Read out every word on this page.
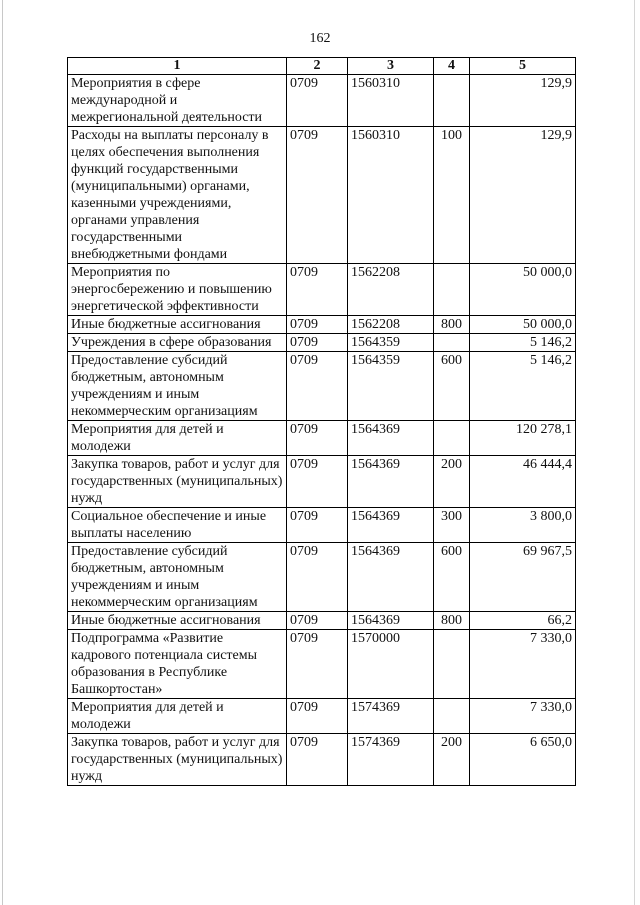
162
1	2	3	4	5
Мероприятия в сфере международной и межрегиональной деятельности	0709	1560310		129,9
Расходы на выплаты персоналу в целях обеспечения выполнения функций государственными (муниципальными) органами, казенными учреждениями, органами управления государственными внебюджетными фондами	0709	1560310	100	129,9
Мероприятия по энергосбережению и повышению энергетической эффективности	0709	1562208		50 000,0
Иные бюджетные ассигнования	0709	1562208	800	50 000,0
Учреждения в сфере образования	0709	1564359		5 146,2
Предоставление субсидий бюджетным, автономным учреждениям и иным некоммерческим организациям	0709	1564359	600	5 146,2
Мероприятия для детей и молодежи	0709	1564369		120 278,1
Закупка товаров, работ и услуг для государственных (муниципальных) нужд	0709	1564369	200	46 444,4
Социальное обеспечение и иные выплаты населению	0709	1564369	300	3 800,0
Предоставление субсидий бюджетным, автономным учреждениям и иным некоммерческим организациям	0709	1564369	600	69 967,5
Иные бюджетные ассигнования	0709	1564369	800	66,2
Подпрограмма «Развитие кадрового потенциала системы образования в Республике Башкортостан»	0709	1570000		7 330,0
Мероприятия для детей и молодежи	0709	1574369		7 330,0
Закупка товаров, работ и услуг для государственных (муниципальных) нужд	0709	1574369	200	6 650,0
